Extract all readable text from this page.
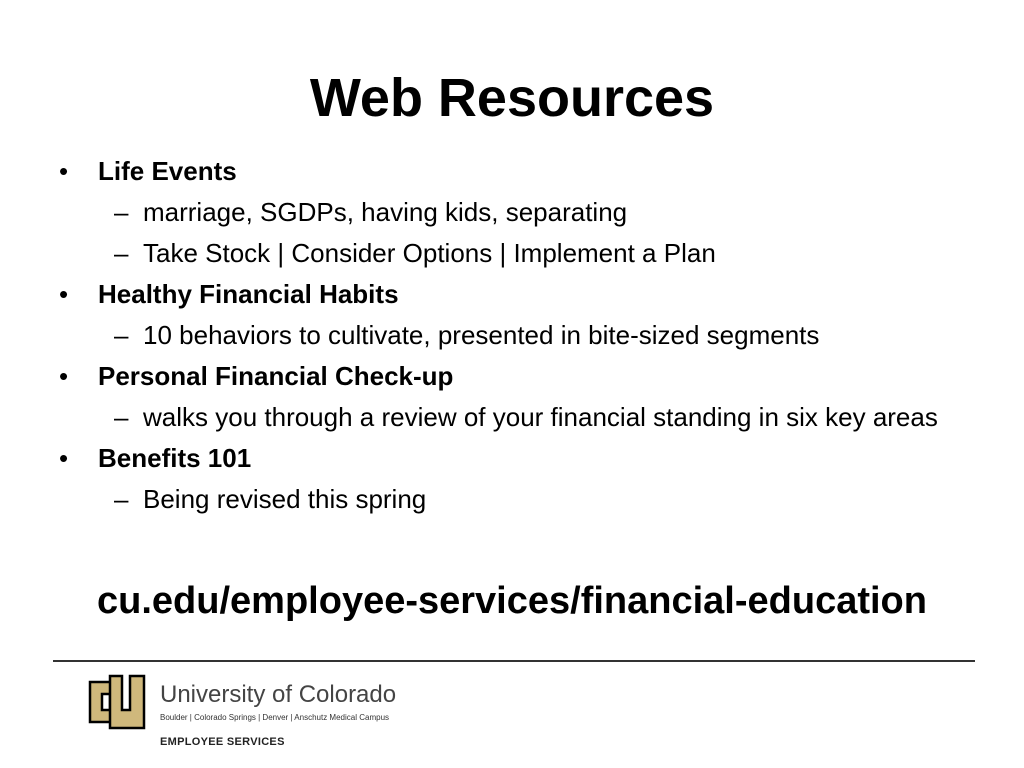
Web Resources
• Life Events
– marriage, SGDPs, having kids, separating
– Take Stock | Consider Options | Implement a Plan
• Healthy Financial Habits
– 10 behaviors to cultivate, presented in bite-sized segments
• Personal Financial Check-up
– walks you through a review of your financial standing in six key areas
• Benefits 101
– Being revised this spring
cu.edu/employee-services/financial-education
University of Colorado
Boulder | Colorado Springs | Denver | Anschutz Medical Campus
EMPLOYEE SERVICES
